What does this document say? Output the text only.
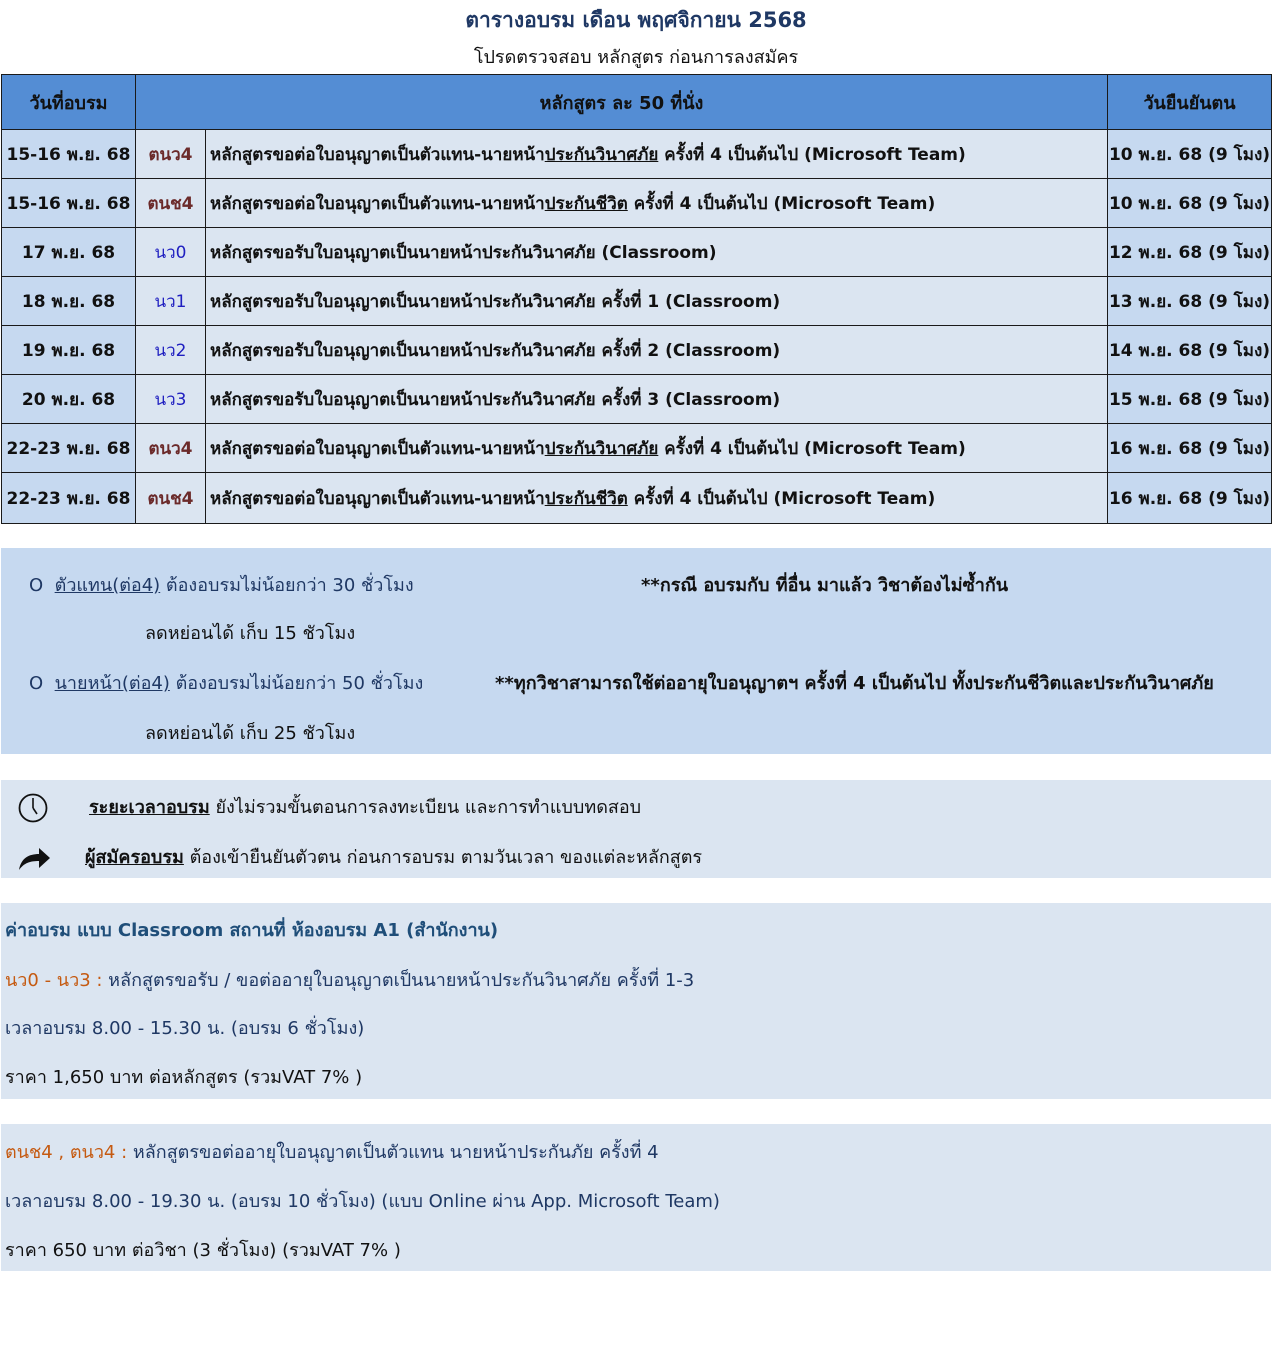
ตารางอบรม เดือน พฤศจิกายน 2568
โปรดตรวจสอบ หลักสูตร ก่อนการลงสมัคร
วันที่อบรม	หลักสูตร ละ 50 ที่นั่ง		วันยืนยันตน
15-16 พ.ย. 68	ตนว4	หลักสูตรขอต่อใบอนุญาตเป็นตัวแทน-นายหน้าประกันวินาศภัย ครั้งที่ 4 เป็นต้นไป (Microsoft Team)	10 พ.ย. 68 (9 โมง)
15-16 พ.ย. 68	ตนช4	หลักสูตรขอต่อใบอนุญาตเป็นตัวแทน-นายหน้าประกันชีวิต ครั้งที่ 4 เป็นต้นไป (Microsoft Team)	10 พ.ย. 68 (9 โมง)
17 พ.ย. 68	นว0	หลักสูตรขอรับใบอนุญาตเป็นนายหน้าประกันวินาศภัย (Classroom)	12 พ.ย. 68 (9 โมง)
18 พ.ย. 68	นว1	หลักสูตรขอรับใบอนุญาตเป็นนายหน้าประกันวินาศภัย ครั้งที่ 1 (Classroom)	13 พ.ย. 68 (9 โมง)
19 พ.ย. 68	นว2	หลักสูตรขอรับใบอนุญาตเป็นนายหน้าประกันวินาศภัย ครั้งที่ 2 (Classroom)	14 พ.ย. 68 (9 โมง)
20 พ.ย. 68	นว3	หลักสูตรขอรับใบอนุญาตเป็นนายหน้าประกันวินาศภัย ครั้งที่ 3 (Classroom)	15 พ.ย. 68 (9 โมง)
22-23 พ.ย. 68	ตนว4	หลักสูตรขอต่อใบอนุญาตเป็นตัวแทน-นายหน้าประกันวินาศภัย ครั้งที่ 4 เป็นต้นไป (Microsoft Team)	16 พ.ย. 68 (9 โมง)
22-23 พ.ย. 68	ตนช4	หลักสูตรขอต่อใบอนุญาตเป็นตัวแทน-นายหน้าประกันชีวิต ครั้งที่ 4 เป็นต้นไป (Microsoft Team)	16 พ.ย. 68 (9 โมง)
O ตัวแทน(ต่อ4) ต้องอบรมไม่น้อยกว่า 30 ชั่วโมง
ลดหย่อนได้ เก็บ 15 ชัวโมง
O นายหน้า(ต่อ4) ต้องอบรมไม่น้อยกว่า 50 ชั่วโมง
ลดหย่อนได้ เก็บ 25 ชัวโมง
**กรณี อบรมกับ ที่อื่น มาแล้ว วิชาต้องไม่ซ้ำกัน
**ทุกวิชาสามารถใช้ต่ออายุใบอนุญาตฯ ครั้งที่ 4 เป็นต้นไป ทั้งประกันชีวิตและประกันวินาศภัย
ระยะเวลาอบรม ยังไม่รวมขั้นตอนการลงทะเบียน และการทำแบบทดสอบ
ผู้สมัครอบรม ต้องเข้ายืนยันตัวตน ก่อนการอบรม ตามวันเวลา ของแต่ละหลักสูตร
ค่าอบรม แบบ Classroom สถานที่ ห้องอบรม A1 (สำนักงาน)
นว0 - นว3 : หลักสูตรขอรับ / ขอต่ออายุใบอนุญาตเป็นนายหน้าประกันวินาศภัย ครั้งที่ 1-3
เวลาอบรม 8.00 - 15.30 น. (อบรม 6 ชั่วโมง)
ราคา 1,650 บาท ต่อหลักสูตร (รวมVAT 7% )
ตนช4 , ตนว4 : หลักสูตรขอต่ออายุใบอนุญาตเป็นตัวแทน นายหน้าประกันภัย ครั้งที่ 4
เวลาอบรม 8.00 - 19.30 น. (อบรม 10 ชั่วโมง) (แบบ Online ผ่าน App. Microsoft Team)
ราคา 650 บาท ต่อวิชา (3 ชั่วโมง) (รวมVAT 7% )
